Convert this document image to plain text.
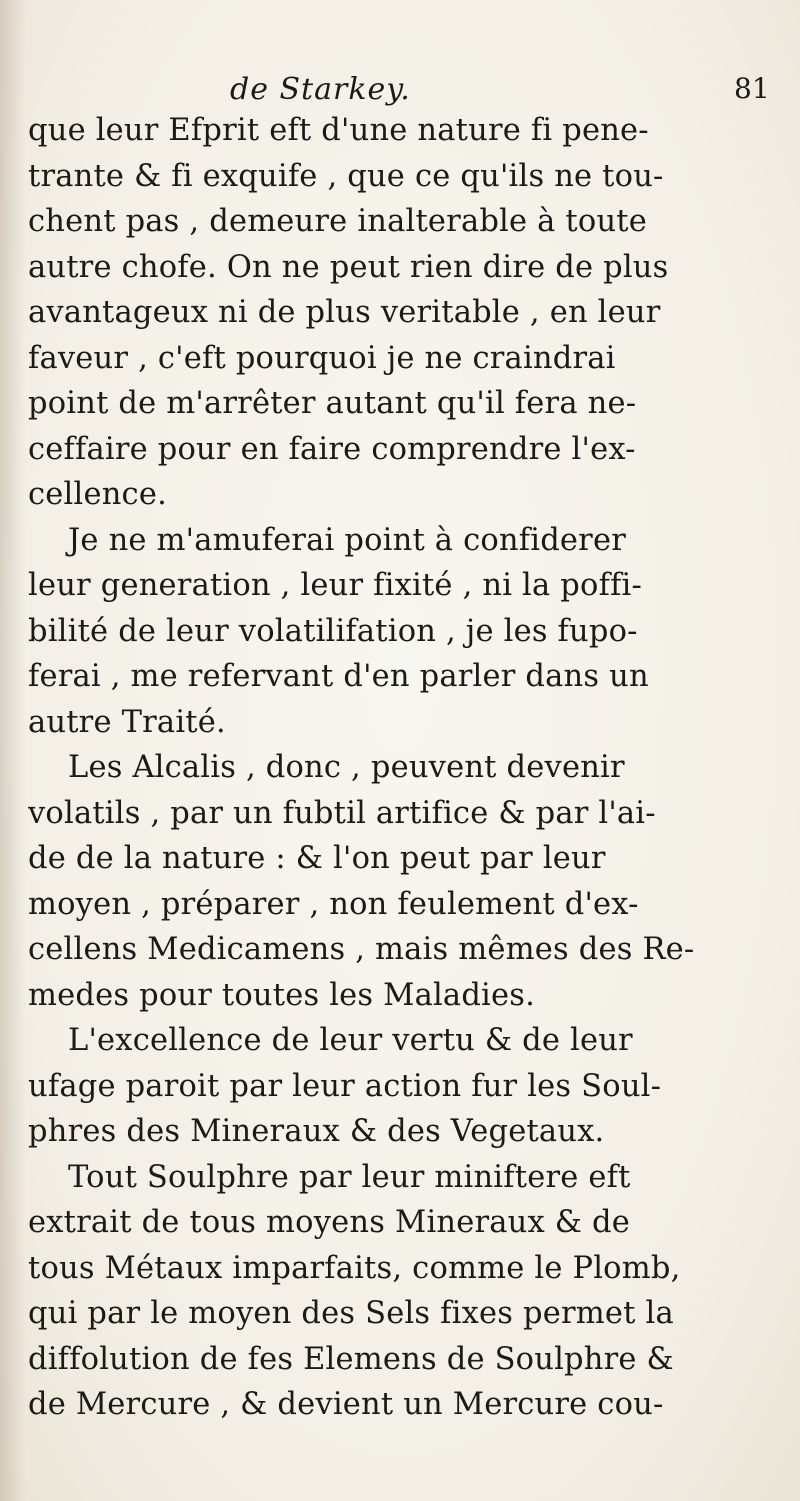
de Starkey.	81
que leur Efprit eft d'une nature fi pene-
trante & fi exquife , que ce qu'ils ne tou-
chent pas , demeure inalterable à toute
autre chofe. On ne peut rien dire de plus
avantageux ni de plus veritable , en leur
faveur , c'eft pourquoi je ne craindrai
point de m'arrêter autant qu'il fera ne-
ceffaire pour en faire comprendre l'ex-
cellence.
Je ne m'amuferai point à confiderer
leur generation , leur fixité , ni la poffi-
bilité de leur volatilifation , je les fupo-
ferai , me refervant d'en parler dans un
autre Traité.
Les Alcalis , donc , peuvent devenir
volatils , par un fubtil artifice & par l'ai-
de de la nature : & l'on peut par leur
moyen , préparer , non feulement d'ex-
cellens Medicamens , mais mêmes des Re-
medes pour toutes les Maladies.
L'excellence de leur vertu & de leur
ufage paroit par leur action fur les Soul-
phres des Mineraux & des Vegetaux.
Tout Soulphre par leur miniftere eft
extrait de tous moyens Mineraux & de
tous Métaux imparfaits, comme le Plomb,
qui par le moyen des Sels fixes permet la
diffolution de fes Elemens de Soulphre &
de Mercure , & devient un Mercure cou-
